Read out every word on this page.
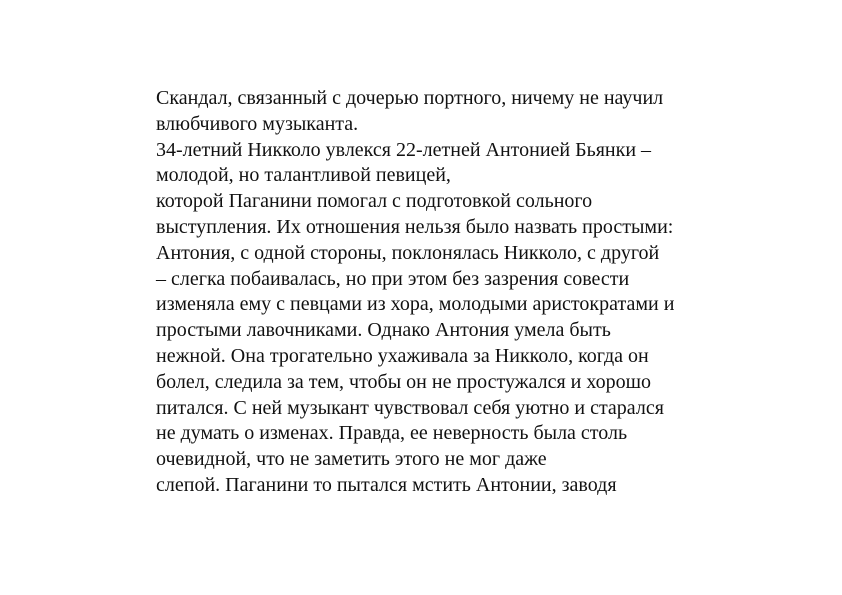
Скандал, связанный с дочерью портного, ничему не научил
влюбчивого музыканта.
34-летний Никколо увлекся 22-летней Антонией Бьянки –
молодой, но талантливой певицей,
которой Паганини помогал с подготовкой сольного
выступления. Их отношения нельзя было назвать простыми:
Антония, с одной стороны, поклонялась Никколо, с другой
– слегка побаивалась, но при этом без зазрения совести
изменяла ему с певцами из хора, молодыми аристократами и
простыми лавочниками. Однако Антония умела быть
нежной. Она трогательно ухаживала за Никколо, когда он
болел, следила за тем, чтобы он не простужался и хорошо
питался. С ней музыкант чувствовал себя уютно и старался
не думать о изменах. Правда, ее неверность была столь
очевидной, что не заметить этого не мог даже
слепой. Паганини то пытался мстить Антонии, заводя
